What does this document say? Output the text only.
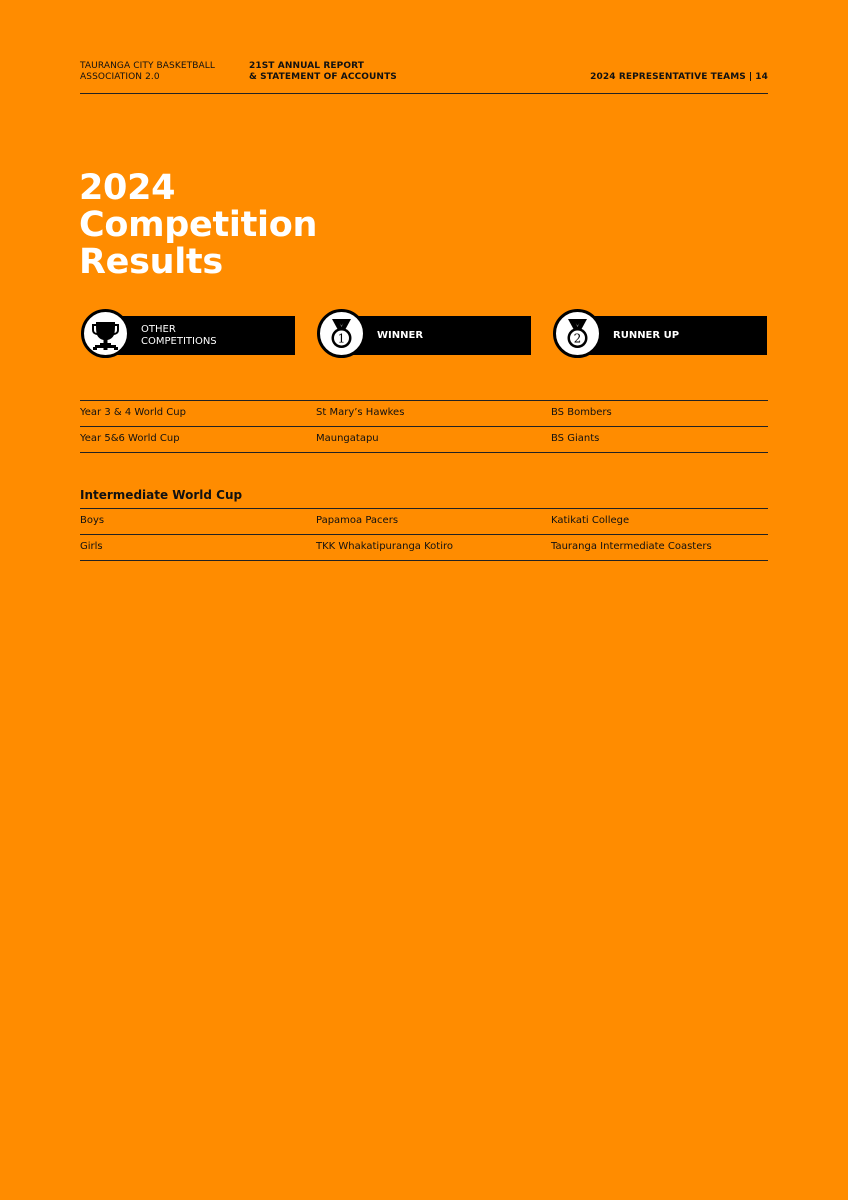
TAURANGA CITY BASKETBALL
ASSOCIATION 2.0
21ST ANNUAL REPORT
& STATEMENT OF ACCOUNTS	2024 REPRESENTATIVE TEAMS | 14
2024
Competition
Results
OTHER
COMPETITIONS	1	WINNER	2	RUNNER UP
Year 3 & 4 World Cup	St Mary’s Hawkes	BS Bombers
Year 5&6 World Cup	Maungatapu	BS Giants
Intermediate World Cup
Boys	Papamoa Pacers	Katikati College
Girls	TKK Whakatipuranga Kotiro	Tauranga Intermediate Coasters
